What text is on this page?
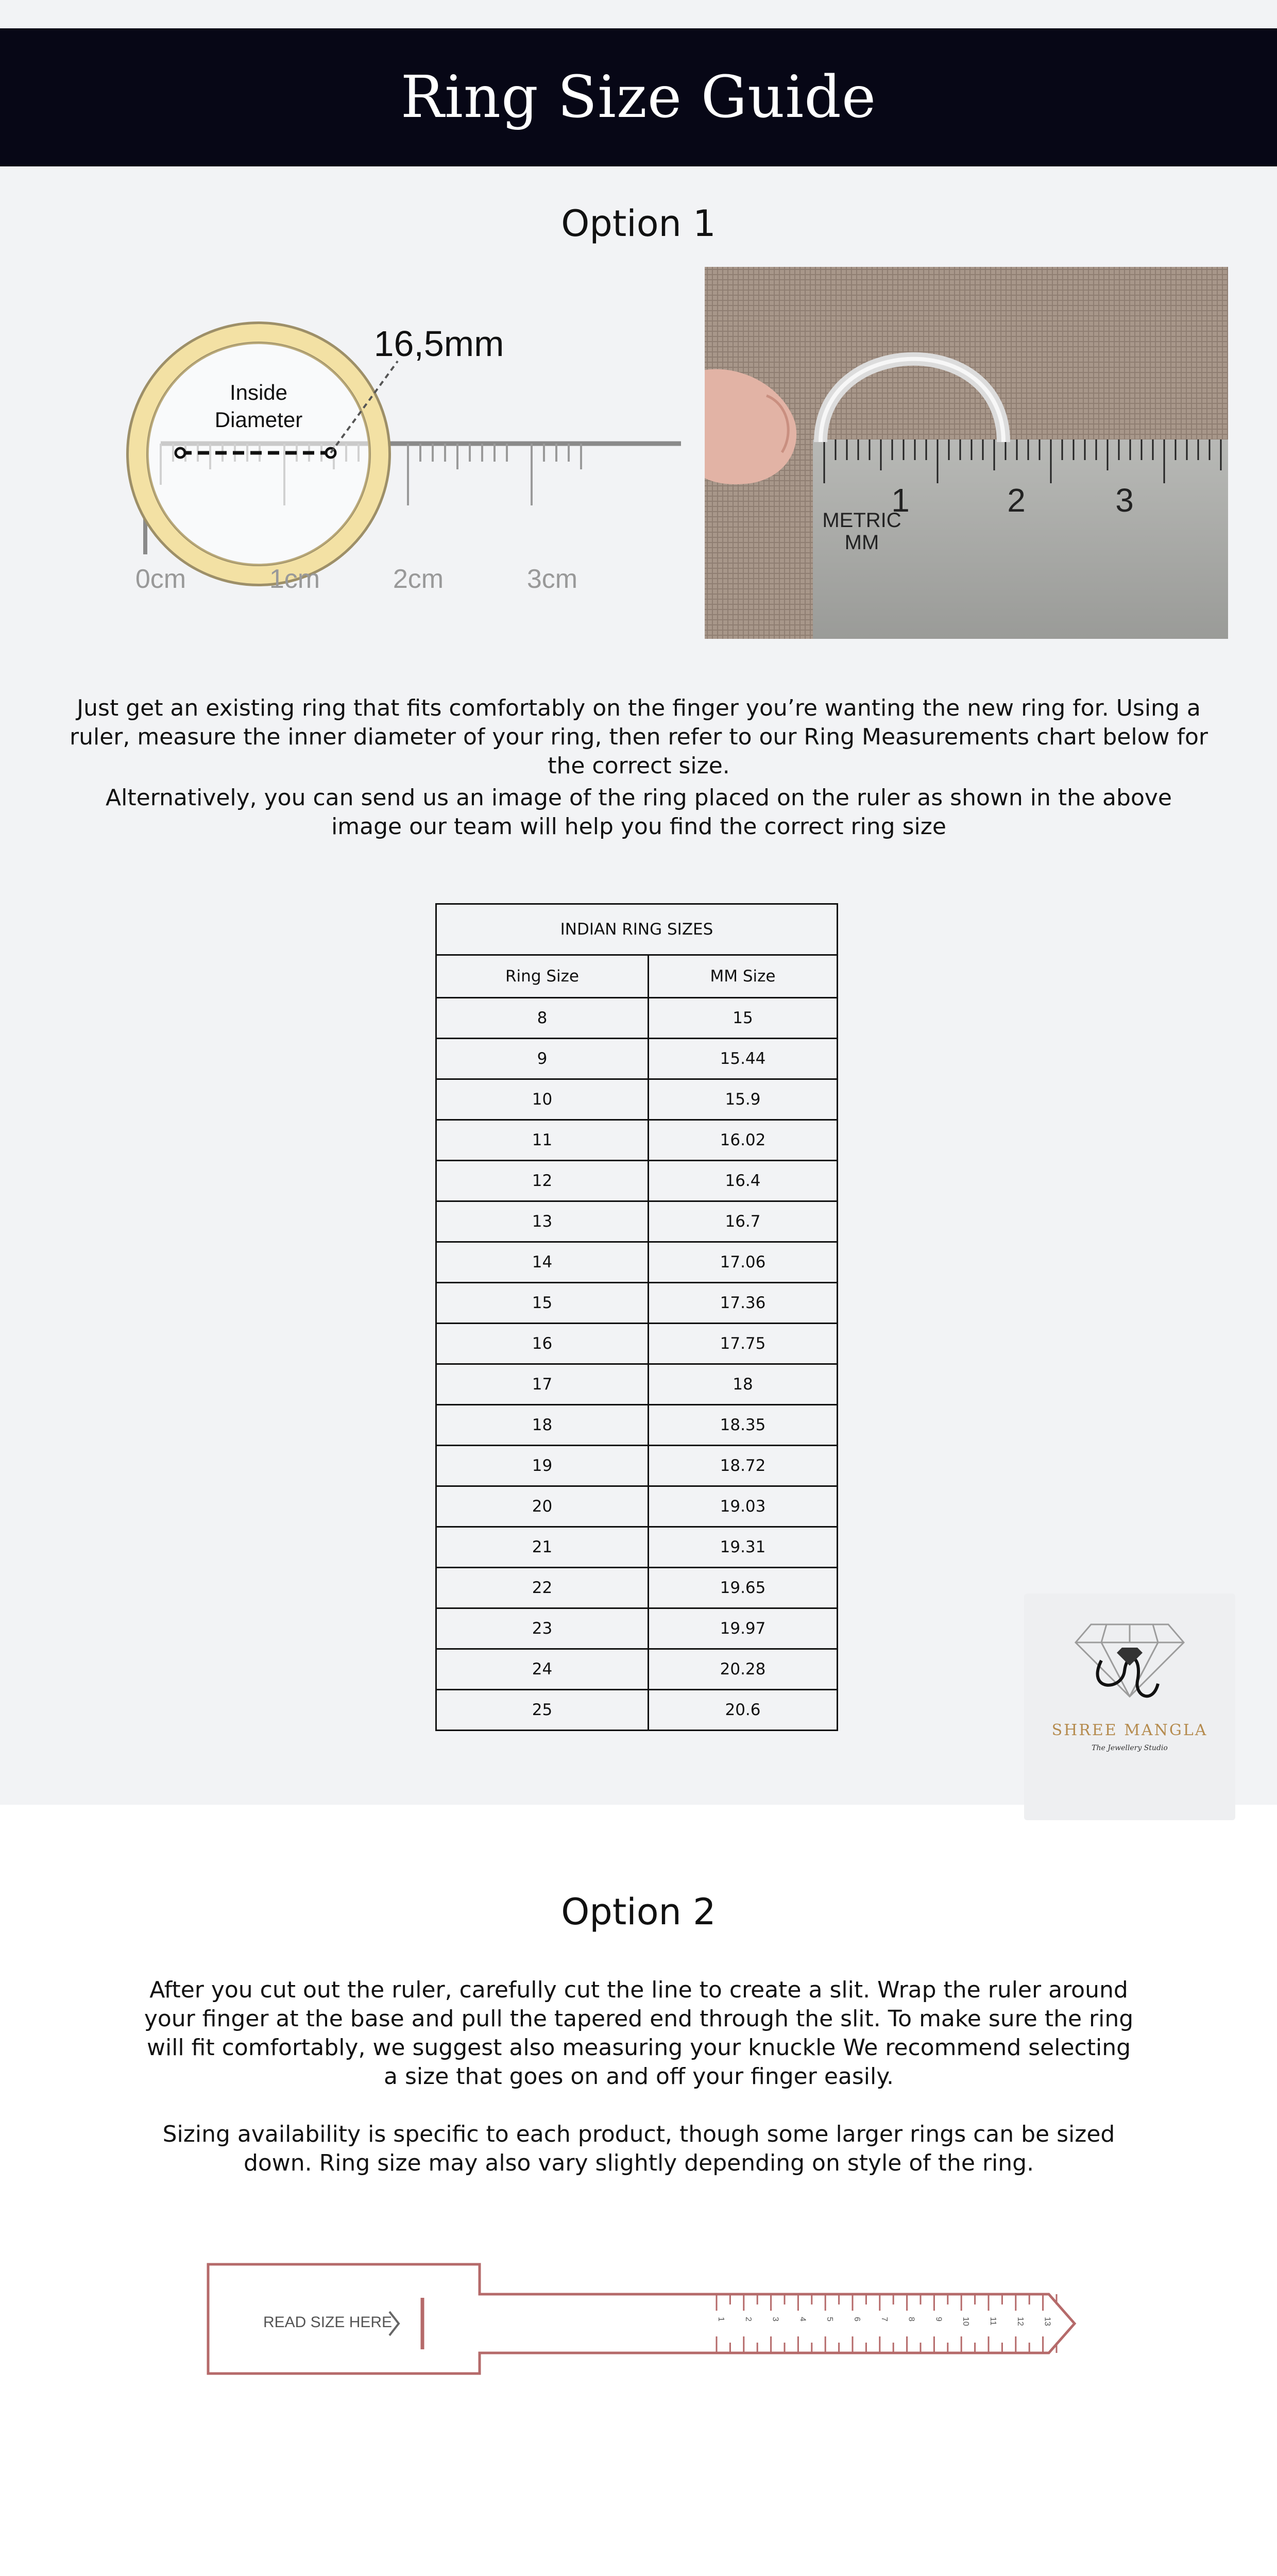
Ring Size Guide
Option 1
16,5mm
Inside
Diameter
0cm	1cm	2cm	3cm
1	2	3
METRIC
MM

Just get an existing ring that fits comfortably on the finger you’re wanting the new ring for. Using a ruler, measure the inner diameter of your ring, then refer to our Ring Measurements chart below for the correct size.

Alternatively, you can send us an image of the ring placed on the ruler as shown in the above image our team will help you find the correct ring size

INDIAN RING SIZES	
Ring Size	MM Size
8	15
9	15.44
10	15.9
11	16.02
12	16.4
13	16.7
14	17.06
15	17.36
16	17.75
17	18
18	18.35
19	18.72
20	19.03
21	19.31
22	19.65
23	19.97
24	20.28
25	20.6
SHREE MANGLA
The Jewellery Studio
Option 2

After you cut out the ruler, carefully cut the line to create a slit. Wrap the ruler around your finger at the base and pull the tapered end through the slit. To make sure the ring will fit comfortably, we suggest also measuring your knuckle We recommend selecting a size that goes on and off your finger easily.

Sizing availability is specific to each product, though some larger rings can be sized down. Ring size may also vary slightly depending on style of the ring.

READ SIZE HERE	1 2 3 4 5 6 7 8 9 10 11 12 13
